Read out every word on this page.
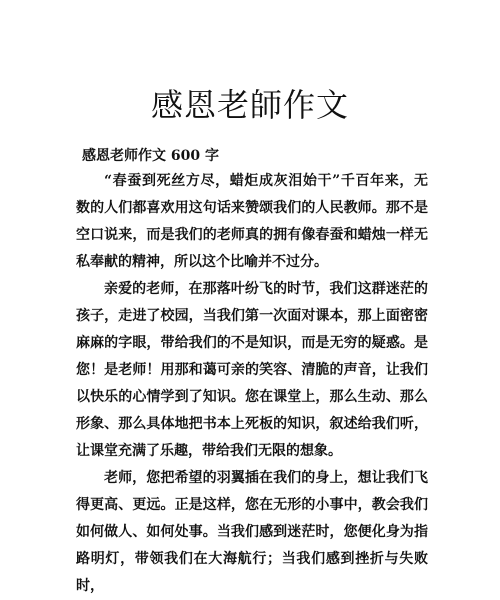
感恩老師作文
感恩老师作文 600 字

“春蚕到死丝方尽，蜡炬成灰泪始干”千百年来，无数的人们都喜欢用这句话来赞颂我们的人民教师。那不是空口说来，而是我们的老师真的拥有像春蚕和蜡烛一样无私奉献的精神，所以这个比喻并不过分。

亲爱的老师，在那落叶纷飞的时节，我们这群迷茫的孩子，走进了校园，当我们第一次面对课本，那上面密密麻麻的字眼，带给我们的不是知识，而是无穷的疑惑。是您！是老师！用那和蔼可亲的笑容、清脆的声音，让我们以快乐的心情学到了知识。您在课堂上，那么生动、那么形象、那么具体地把书本上死板的知识，叙述给我们听，让课堂充满了乐趣，带给我们无限的想象。

老师，您把希望的羽翼插在我们的身上，想让我们飞得更高、更远。正是这样，您在无形的小事中，教会我们如何做人、如何处事。当我们感到迷茫时，您便化身为指路明灯，带领我们在大海航行；当我们感到挫折与失败时，
